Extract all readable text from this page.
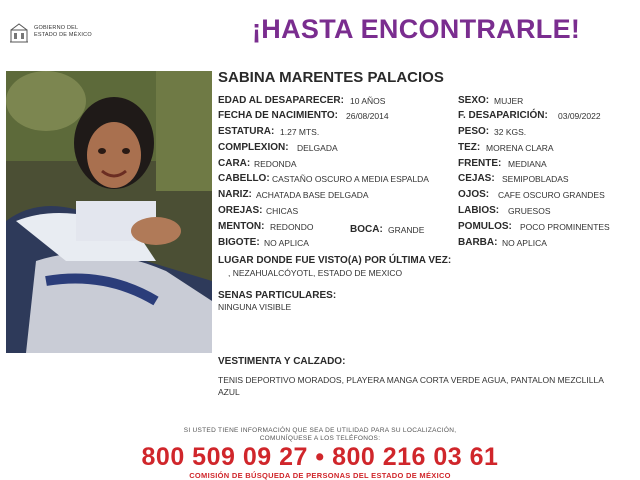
GOBIERNO DEL
ESTADO DE MÉXICO	¡HASTA ENCONTRARLE!
SABINA MARENTES PALACIOS
EDAD AL DESAPARECER: 10 AÑOS
FECHA DE NACIMIENTO: 26/08/2014
ESTATURA: 1.27 MTS.
COMPLEXION: DELGADA
CARA: REDONDA
CABELLO: CASTAÑO OSCURO A MEDIA ESPALDA
NARIZ: ACHATADA BASE DELGADA
OREJAS: CHICAS
MENTON: REDONDO	BOCA: GRANDE
BIGOTE: NO APLICA
SEXO: MUJER
F. DESAPARICIÓN: 03/09/2022
PESO: 32 KGS.
TEZ: MORENA CLARA
FRENTE: MEDIANA
CEJAS: SEMIPOBLADAS
OJOS: CAFE OSCURO GRANDES
LABIOS: GRUESOS
POMULOS: POCO PROMINENTES
BARBA: NO APLICA
LUGAR DONDE FUE VISTO(A) POR ÚLTIMA VEZ:
, NEZAHUALCÓYOTL, ESTADO DE MEXICO
SENAS PARTICULARES:
NINGUNA VISIBLE
VESTIMENTA Y CALZADO:
TENIS DEPORTIVO MORADOS, PLAYERA MANGA CORTA VERDE AGUA, PANTALON MEZCLILLA AZUL
SI USTED TIENE INFORMACIÓN QUE SEA DE UTILIDAD PARA SU LOCALIZACIÓN,
COMUNÍQUESE A LOS TELÉFONOS:
800 509 09 27 • 800 216 03 61
COMISIÓN DE BÚSQUEDA DE PERSONAS DEL ESTADO DE MÉXICO
